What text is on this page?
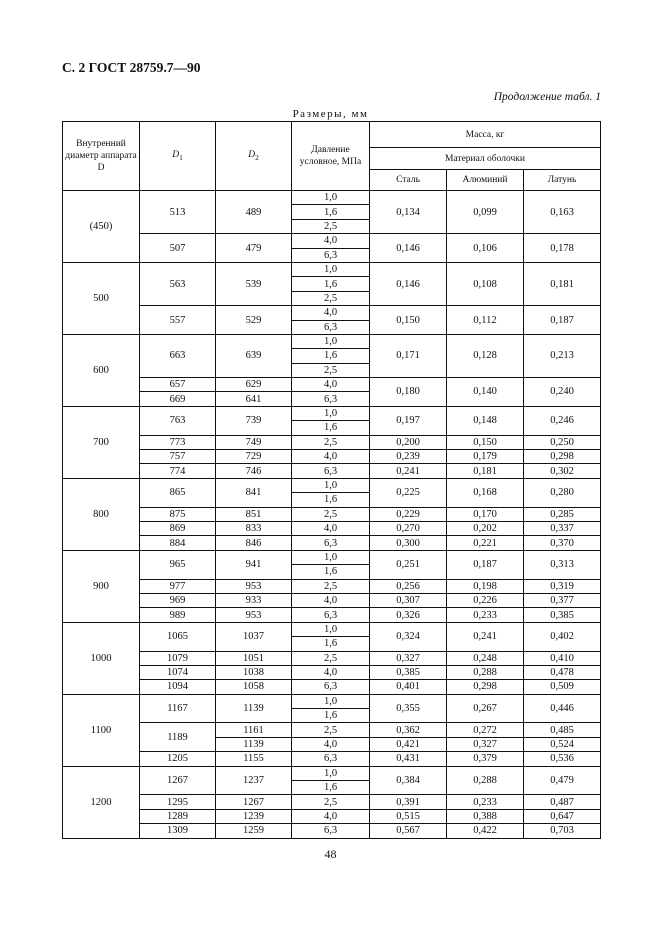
С. 2 ГОСТ 28759.7—90
Продолжение табл. 1
Размеры, мм
Внутренний диаметр аппарата D	$D_1$	$D_2$	Давление условное, МПа	Масса, кг		
				Материал оболочки		
				Сталь	Алюминий	Латунь
(450)	513	489	1,0	0,134	0,099	0,163
			1,6			
			2,5			
	507	479	4,0	0,146	0,106	0,178
			6,3			
500	563	539	1,0	0,146	0,108	0,181
			1,6			
			2,5			
	557	529	4,0	0,150	0,112	0,187
			6,3			
600	663	639	1,0	0,171	0,128	0,213
			1,6			
			2,5			
	657	629	4,0	0,180	0,140	0,240
	669	641	6,3			
700	763	739	1,0	0,197	0,148	0,246
			1,6			
	773	749	2,5	0,200	0,150	0,250
	757	729	4,0	0,239	0,179	0,298
	774	746	6,3	0,241	0,181	0,302
800	865	841	1,0	0,225	0,168	0,280
			1,6			
	875	851	2,5	0,229	0,170	0,285
	869	833	4,0	0,270	0,202	0,337
	884	846	6,3	0,300	0,221	0,370
900	965	941	1,0	0,251	0,187	0,313
			1,6			
	977	953	2,5	0,256	0,198	0,319
	969	933	4,0	0,307	0,226	0,377
	989	953	6,3	0,326	0,233	0,385
1000	1065	1037	1,0	0,324	0,241	0,402
			1,6			
	1079	1051	2,5	0,327	0,248	0,410
	1074	1038	4,0	0,385	0,288	0,478
	1094	1058	6,3	0,401	0,298	0,509
1100	1167	1139	1,0	0,355	0,267	0,446
			1,6			
	1189	1161	2,5	0,362	0,272	0,485
		1139	4,0	0,421	0,327	0,524
	1205	1155	6,3	0,431	0,379	0,536
1200	1267	1237	1,0	0,384	0,288	0,479
			1,6			
	1295	1267	2,5	0,391	0,233	0,487
	1289	1239	4,0	0,515	0,388	0,647
	1309	1259	6,3	0,567	0,422	0,703
48
